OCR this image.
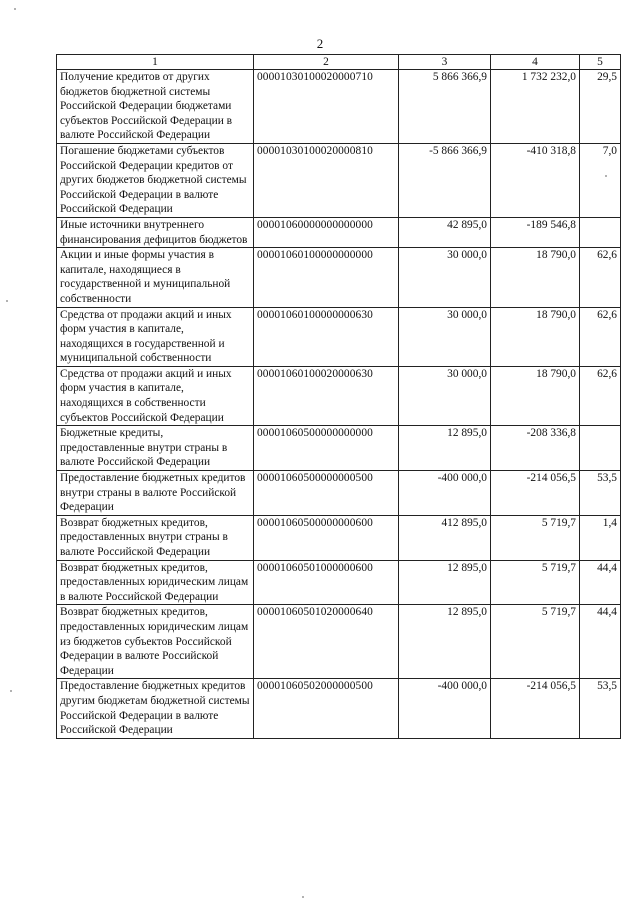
2
1	2	3	4	5
Получение кредитов от других бюджетов бюджетной системы Российской Федерации бюджетами субъектов Российской Федерации в валюте Российской Федерации	00001030100020000710	5 866 366,9	1 732 232,0	29,5
Погашение бюджетами субъектов Российской Федерации кредитов от других бюджетов бюджетной системы Российской Федерации в валюте Российской Федерации	00001030100020000810	-5 866 366,9	-410 318,8	7,0
Иные источники внутреннего финансирования дефицитов бюджетов	00001060000000000000	42 895,0	-189 546,8	
Акции и иные формы участия в капитале, находящиеся в государственной и муниципальной собственности	00001060100000000000	30 000,0	18 790,0	62,6
Средства от продажи акций и иных форм участия в капитале, находящихся в государственной и муниципальной собственности	00001060100000000630	30 000,0	18 790,0	62,6
Средства от продажи акций и иных форм участия в капитале, находящихся в собственности субъектов Российской Федерации	00001060100020000630	30 000,0	18 790,0	62,6
Бюджетные кредиты, предоставленные внутри страны в валюте Российской Федерации	00001060500000000000	12 895,0	-208 336,8	
Предоставление бюджетных кредитов внутри страны в валюте Российской Федерации	00001060500000000500	-400 000,0	-214 056,5	53,5
Возврат бюджетных кредитов, предоставленных внутри страны в валюте Российской Федерации	00001060500000000600	412 895,0	5 719,7	1,4
Возврат бюджетных кредитов, предоставленных юридическим лицам в валюте Российской Федерации	00001060501000000600	12 895,0	5 719,7	44,4
Возврат бюджетных кредитов, предоставленных юридическим лицам из бюджетов субъектов Российской Федерации в валюте Российской Федерации	00001060501020000640	12 895,0	5 719,7	44,4
Предоставление бюджетных кредитов другим бюджетам бюджетной системы Российской Федерации в валюте Российской Федерации	00001060502000000500	-400 000,0	-214 056,5	53,5
